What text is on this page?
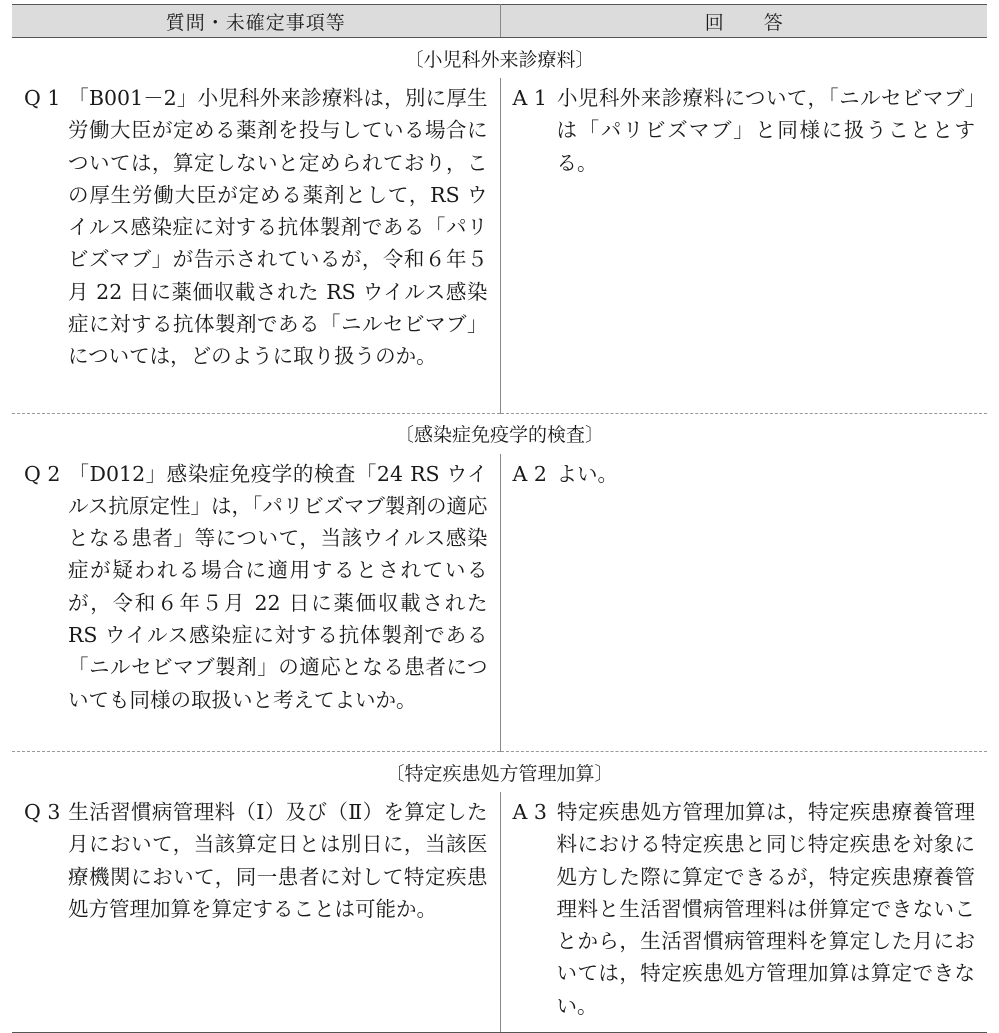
質問・未確定事項等	回 答
〔小児科外来診療料〕	

Q 1 「B001－2」小児科外来診療料は，別に厚生労働大臣が定める薬剤を投与している場合については，算定しないと定められており，この厚生労働大臣が定める薬剤として，RS ウイルス感染症に対する抗体製剤である「パリビズマブ」が告示されているが，令和６年５月 22 日に薬価収載された RS ウイルス感染症に対する抗体製剤である「ニルセビマブ」については，どのように取り扱うのか。	A 1 小児科外来診療料について，「ニルセビマブ」は「パリビズマブ」と同様に扱うこととする。

〔感染症免疫学的検査〕	

Q 2 「D012」感染症免疫学的検査「24 RS ウイルス抗原定性」は，「パリビズマブ製剤の適応となる患者」等について，当該ウイルス感染症が疑われる場合に適用するとされているが，令和６年５月 22 日に薬価収載された RS ウイルス感染症に対する抗体製剤である「ニルセビマブ製剤」の適応となる患者についても同様の取扱いと考えてよいか。	A 2 よい。

〔特定疾患処方管理加算〕	

Q 3 生活習慣病管理料（Ⅰ）及び（Ⅱ）を算定した月において，当該算定日とは別日に，当該医療機関において，同一患者に対して特定疾患処方管理加算を算定することは可能か。	A 3 特定疾患処方管理加算は，特定疾患療養管理料における特定疾患と同じ特定疾患を対象に処方した際に算定できるが，特定疾患療養管理料と生活習慣病管理料は併算定できないことから，生活習慣病管理料を算定した月においては，特定疾患処方管理加算は算定できない。
